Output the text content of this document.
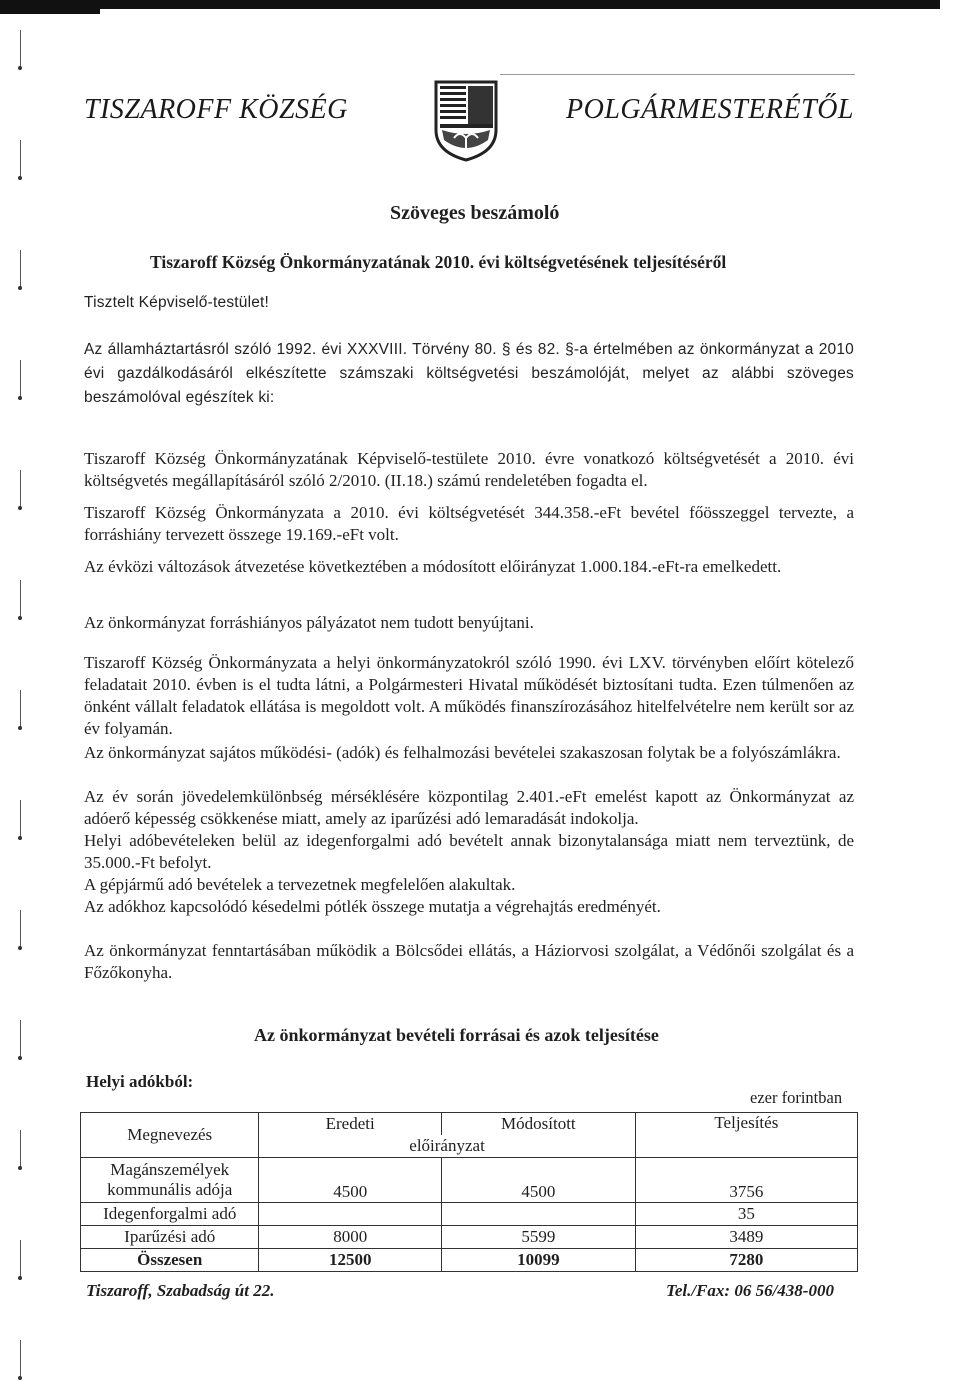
TISZAROFF KÖZSÉG	POLGÁRMESTERÉTŐL
Szöveges beszámoló
Tiszaroff Község Önkormányzatának 2010. évi költségvetésének teljesítéséről
Tisztelt Képviselő-testület!
Az államháztartásról szóló 1992. évi XXXVIII. Törvény 80. § és 82. §-a értelmében az önkormányzat a 2010 évi gazdálkodásáról elkészítette számszaki költségvetési beszámolóját, melyet az alábbi szöveges beszámolóval egészítek ki:
Tiszaroff Község Önkormányzatának Képviselő-testülete 2010. évre vonatkozó költségvetését a 2010. évi költségvetés megállapításáról szóló 2/2010. (II.18.) számú rendeletében fogadta el.
Tiszaroff Község Önkormányzata a 2010. évi költségvetését 344.358.-eFt bevétel főösszeggel tervezte, a forráshiány tervezett összege 19.169.-eFt volt.
Az évközi változások átvezetése következtében a módosított előirányzat 1.000.184.-eFt-ra emelkedett.
Az önkormányzat forráshiányos pályázatot nem tudott benyújtani.
Tiszaroff Község Önkormányzata a helyi önkormányzatokról szóló 1990. évi LXV. törvényben előírt kötelező feladatait 2010. évben is el tudta látni, a Polgármesteri Hivatal működését biztosítani tudta. Ezen túlmenően az önként vállalt feladatok ellátása is megoldott volt. A működés finanszírozásához hitelfelvételre nem került sor az év folyamán.
Az önkormányzat sajátos működési- (adók) és felhalmozási bevételei szakaszosan folytak be a folyószámlákra.
Az év során jövedelemkülönbség mérséklésére központilag 2.401.-eFt emelést kapott az Önkormányzat az adóerő képesség csökkenése miatt, amely az iparűzési adó lemaradását indokolja.
Helyi adóbevételeken belül az idegenforgalmi adó bevételt annak bizonytalansága miatt nem terveztünk, de 35.000.-Ft befolyt.
A gépjármű adó bevételek a tervezetnek megfelelően alakultak.
Az adókhoz kapcsolódó késedelmi pótlék összege mutatja a végrehajtás eredményét.
Az önkormányzat fenntartásában működik a Bölcsődei ellátás, a Háziorvosi szolgálat, a Védőnői szolgálat és a Főzőkonyha.
Az önkormányzat bevételi forrásai és azok teljesítése
Helyi adókból:
ezer forintban
Megnevezés	Eredeti	Módosított	Teljesítés
	előirányzat		
Magánszemélyek kommunális adója	4500	4500	3756
Idegenforgalmi adó			35
Iparűzési adó	8000	5599	3489
Összesen	12500	10099	7280
Tiszaroff, Szabadság út 22.	Tel./Fax: 06 56/438-000
